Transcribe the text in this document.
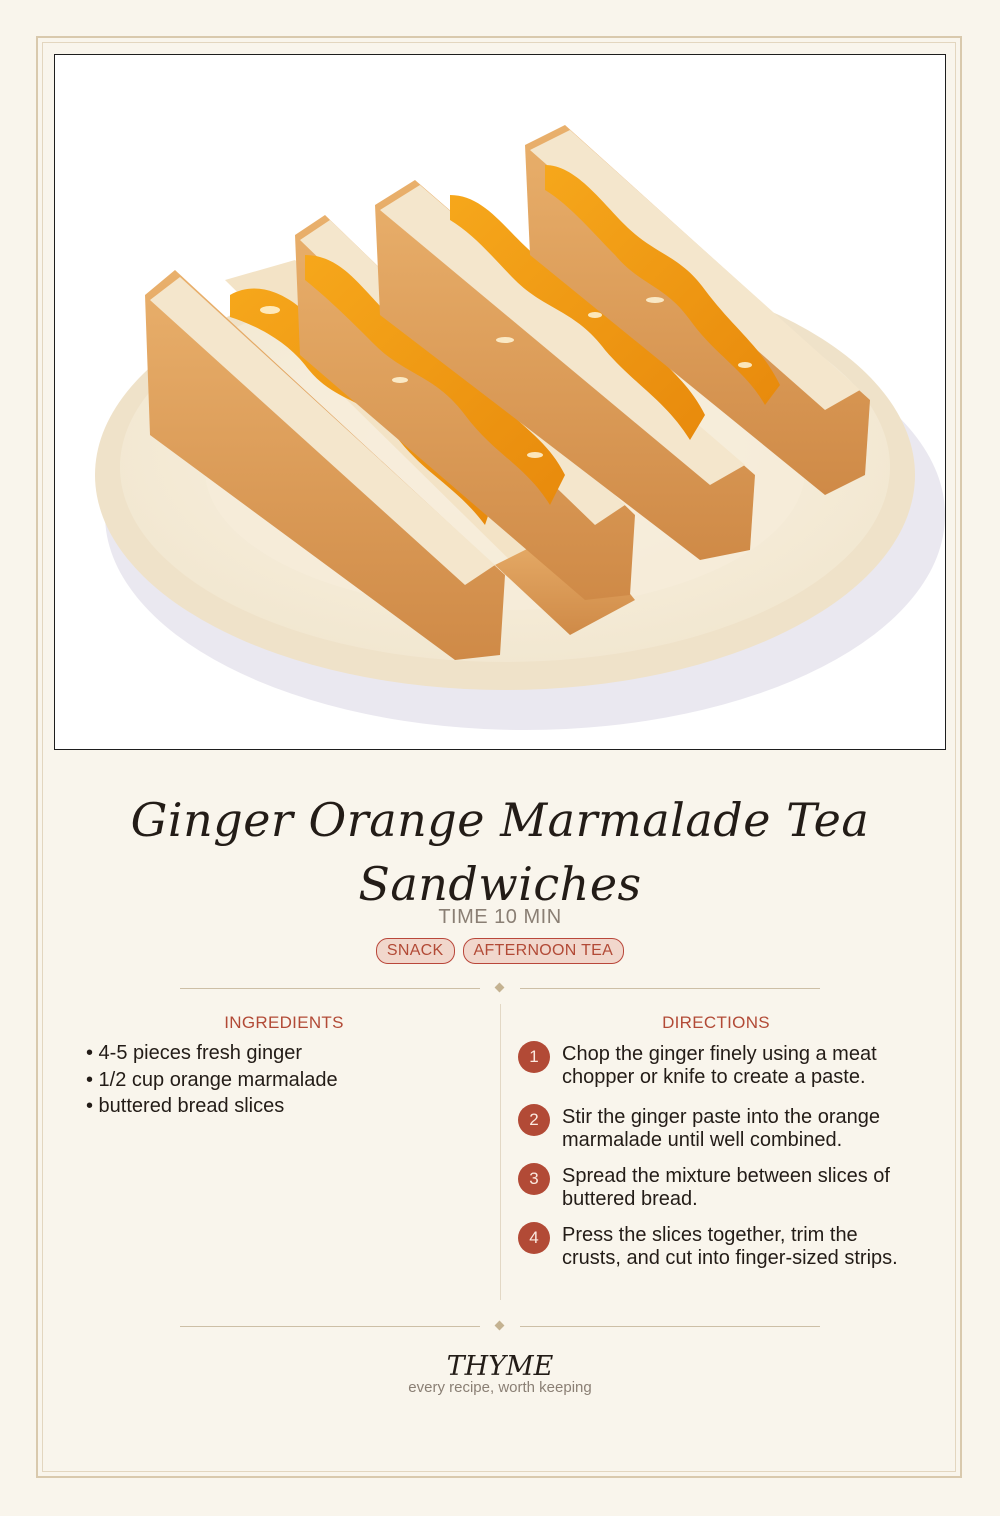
Ginger Orange Marmalade Tea Sandwiches
TIME 10 MIN
SNACK	AFTERNOON TEA
INGREDIENTS
• 4-5 pieces fresh ginger
• 1/2 cup orange marmalade
• buttered bread slices
DIRECTIONS
1	Chop the ginger finely using a meat chopper or knife to create a paste.
2	Stir the ginger paste into the orange marmalade until well combined.
3	Spread the mixture between slices of buttered bread.
4	Press the slices together, trim the crusts, and cut into finger-sized strips.
THYME
every recipe, worth keeping
